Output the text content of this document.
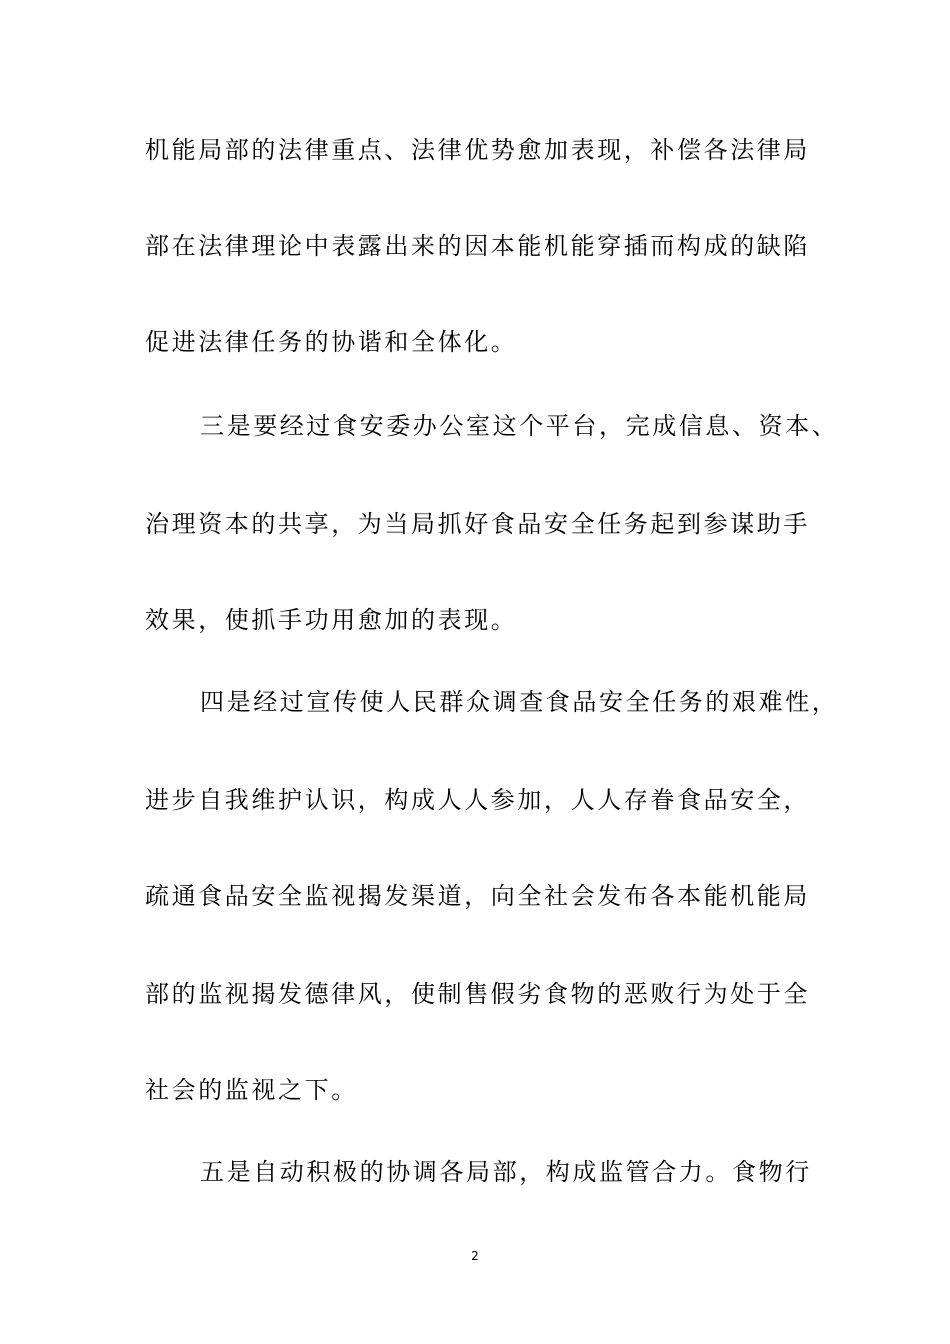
机能局部的法律重点、法律优势愈加表现，补偿各法律局
部在法律理论中表露出来的因本能机能穿插而构成的缺陷
促进法律任务的协谐和全体化。
三是要经过食安委办公室这个平台，完成信息、资本、
治理资本的共享，为当局抓好食品安全任务起到参谋助手
效果，使抓手功用愈加的表现。
四是经过宣传使人民群众调查食品安全任务的艰难性，
进步自我维护认识，构成人人参加，人人存眷食品安全，
疏通食品安全监视揭发渠道，向全社会发布各本能机能局
部的监视揭发德律风，使制售假劣食物的恶败行为处于全
社会的监视之下。
五是自动积极的协调各局部，构成监管合力。食物行
2
